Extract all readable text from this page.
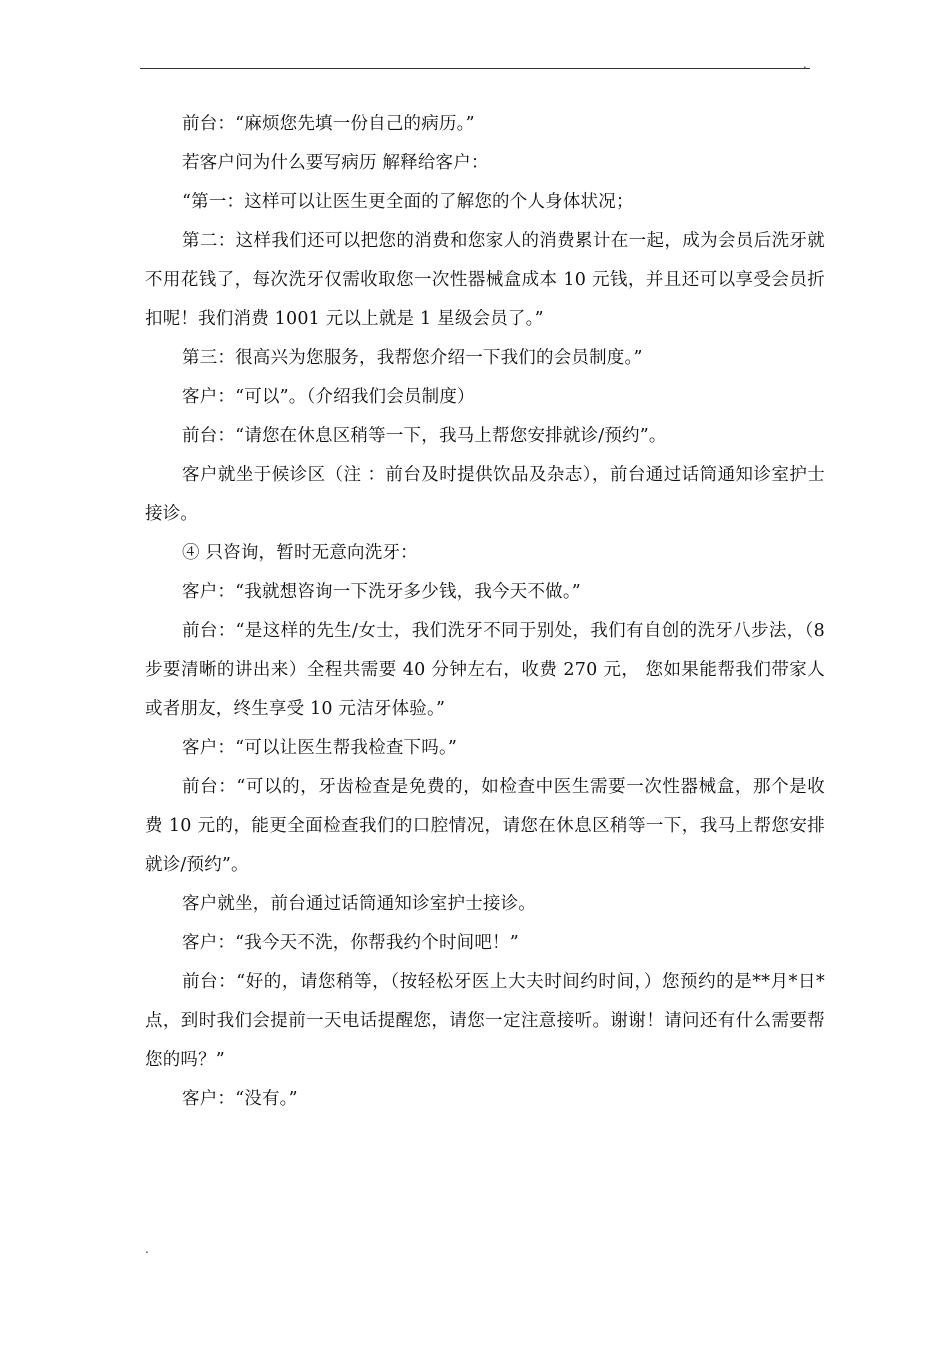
.

前台：“麻烦您先填一份自己的病历。”

若客户问为什么要写病历 解释给客户：

“第一：这样可以让医生更全面的了解您的个人身体状况；

第二：这样我们还可以把您的消费和您家人的消费累计在一起，成为会员后洗牙就不用花钱了，每次洗牙仅需收取您一次性器械盒成本 10 元钱，并且还可以享受会员折扣呢！我们消费 1001 元以上就是 1 星级会员了。”

第三：很高兴为您服务，我帮您介绍一下我们的会员制度。”

客户：“可以”。（介绍我们会员制度）

前台：“请您在休息区稍等一下，我马上帮您安排就诊/预约”。

客户就坐于候诊区（注 ：前台及时提供饮品及杂志），前台通过话筒通知诊室护士接诊。

④ 只咨询，暂时无意向洗牙：

客户：“我就想咨询一下洗牙多少钱，我今天不做。”

前台：“是这样的先生/女士，我们洗牙不同于别处，我们有自创的洗牙八步法，（8 步要清晰的讲出来）全程共需要 40 分钟左右，收费 270 元， 您如果能帮我们带家人或者朋友，终生享受 10 元洁牙体验。”

客户：“可以让医生帮我检查下吗。”

前台：“可以的，牙齿检查是免费的，如检查中医生需要一次性器械盒，那个是收费 10 元的，能更全面检查我们的口腔情况，请您在休息区稍等一下，我马上帮您安排就诊/预约”。

客户就坐，前台通过话筒通知诊室护士接诊。

客户：“我今天不洗，你帮我约个时间吧！”

前台：“好的，请您稍等，（按轻松牙医上大夫时间约时间，）您预约的是**月*日*点，到时我们会提前一天电话提醒您，请您一定注意接听。谢谢！请问还有什么需要帮您的吗？”

客户：“没有。”

.
